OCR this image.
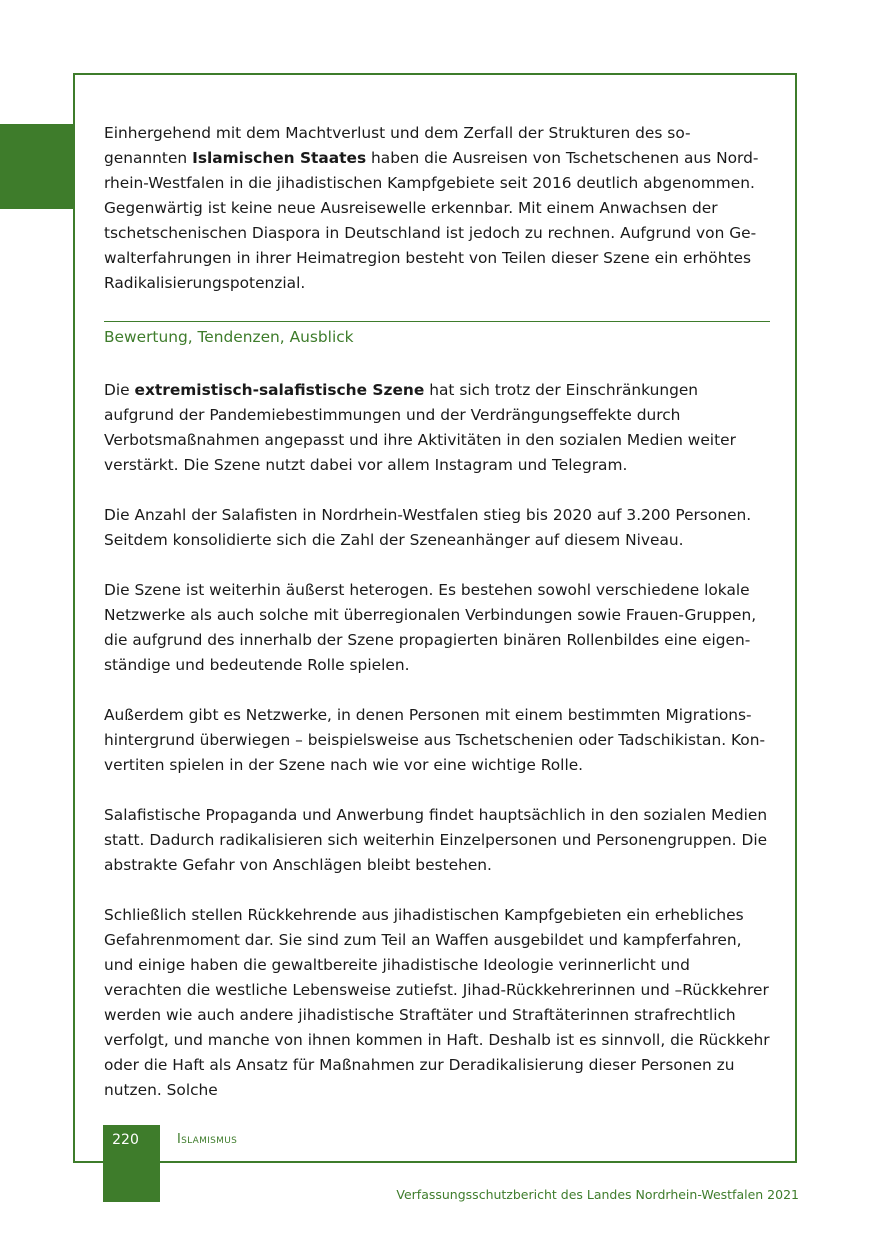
Einhergehend mit dem Machtverlust und dem Zerfall der Strukturen des so-genannten Islamischen Staates haben die Ausreisen von Tschetschenen aus Nord-rhein-Westfalen in die jihadistischen Kampfgebiete seit 2016 deutlich abgenommen. Gegenwärtig ist keine neue Ausreisewelle erkennbar. Mit einem Anwachsen der tschetschenischen Diaspora in Deutschland ist jedoch zu rechnen. Aufgrund von Ge-walterfahrungen in ihrer Heimatregion besteht von Teilen dieser Szene ein erhöhtes Radikalisierungspotenzial.

Bewertung, Tendenzen, Ausblick

Die extremistisch-salafistische Szene hat sich trotz der Einschränkungen aufgrund der Pandemiebestimmungen und der Verdrängungseffekte durch Verbotsmaßnahmen angepasst und ihre Aktivitäten in den sozialen Medien weiter verstärkt. Die Szene nutzt dabei vor allem Instagram und Telegram.

Die Anzahl der Salafisten in Nordrhein-Westfalen stieg bis 2020 auf 3.200 Personen. Seitdem konsolidierte sich die Zahl der Szeneanhänger auf diesem Niveau.

Die Szene ist weiterhin äußerst heterogen. Es bestehen sowohl verschiedene lokale Netzwerke als auch solche mit überregionalen Verbindungen sowie Frauen-Gruppen, die aufgrund des innerhalb der Szene propagierten binären Rollenbildes eine eigen-ständige und bedeutende Rolle spielen.

Außerdem gibt es Netzwerke, in denen Personen mit einem bestimmten Migrations-hintergrund überwiegen – beispielsweise aus Tschetschenien oder Tadschikistan. Kon-vertiten spielen in der Szene nach wie vor eine wichtige Rolle.

Salafistische Propaganda und Anwerbung findet hauptsächlich in den sozialen Medien statt. Dadurch radikalisieren sich weiterhin Einzelpersonen und Personengruppen. Die abstrakte Gefahr von Anschlägen bleibt bestehen.

Schließlich stellen Rückkehrende aus jihadistischen Kampfgebieten ein erhebliches Gefahrenmoment dar. Sie sind zum Teil an Waffen ausgebildet und kampferfahren, und einige haben die gewaltbereite jihadistische Ideologie verinnerlicht und verachten die westliche Lebensweise zutiefst. Jihad-Rückkehrerinnen und –Rückkehrer werden wie auch andere jihadistische Straftäter und Straftäterinnen strafrechtlich verfolgt, und manche von ihnen kommen in Haft. Deshalb ist es sinnvoll, die Rückkehr oder die Haft als Ansatz für Maßnahmen zur Deradikalisierung dieser Personen zu nutzen. Solche

220	Islamismus
Verfassungsschutzbericht des Landes Nordrhein-Westfalen 2021
